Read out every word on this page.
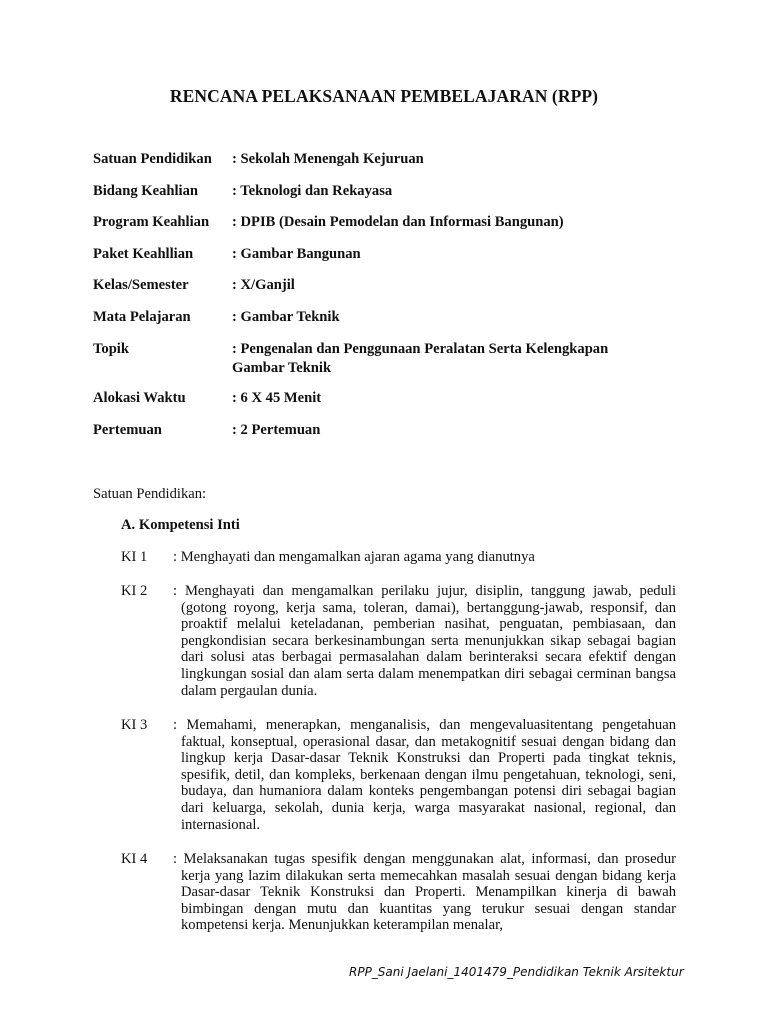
RENCANA PELAKSANAAN PEMBELAJARAN (RPP)
Satuan Pendidikan : Sekolah Menengah Kejuruan
Bidang Keahlian : Teknologi dan Rekayasa
Program Keahlian : DPIB (Desain Pemodelan dan Informasi Bangunan)
Paket Keahllian	: Gambar Bangunan
Kelas/Semester	: X/Ganjil
Mata Pelajaran	: Gambar Teknik
Topik	: Pengenalan dan Penggunaan Peralatan Serta Kelengkapan Gambar Teknik
Alokasi Waktu	: 6 X 45 Menit
Pertemuan	: 2 Pertemuan

Satuan Pendidikan:

A. Kompetensi Inti
KI 1 : Menghayati dan mengamalkan ajaran agama yang dianutnya
KI 2 : Menghayati dan mengamalkan perilaku jujur, disiplin, tanggung jawab, peduli (gotong royong, kerja sama, toleran, damai), bertanggung-jawab, responsif, dan proaktif melalui keteladanan, pemberian nasihat, penguatan, pembiasaan, dan pengkondisian secara berkesinambungan serta menunjukkan sikap sebagai bagian dari solusi atas berbagai permasalahan dalam berinteraksi secara efektif dengan lingkungan sosial dan alam serta dalam menempatkan diri sebagai cerminan bangsa dalam pergaulan dunia.
KI 3 : Memahami, menerapkan, menganalisis, dan mengevaluasitentang pengetahuan faktual, konseptual, operasional dasar, dan metakognitif sesuai dengan bidang dan lingkup kerja Dasar-dasar Teknik Konstruksi dan Properti pada tingkat teknis, spesifik, detil, dan kompleks, berkenaan dengan ilmu pengetahuan, teknologi, seni, budaya, dan humaniora dalam konteks pengembangan potensi diri sebagai bagian dari keluarga, sekolah, dunia kerja, warga masyarakat nasional, regional, dan internasional.
KI 4 : Melaksanakan tugas spesifik dengan menggunakan alat, informasi, dan prosedur kerja yang lazim dilakukan serta memecahkan masalah sesuai dengan bidang kerja Dasar-dasar Teknik Konstruksi dan Properti. Menampilkan kinerja di bawah bimbingan dengan mutu dan kuantitas yang terukur sesuai dengan standar kompetensi kerja. Menunjukkan keterampilan menalar,
RPP_Sani Jaelani_1401479_Pendidikan Teknik Arsitektur
